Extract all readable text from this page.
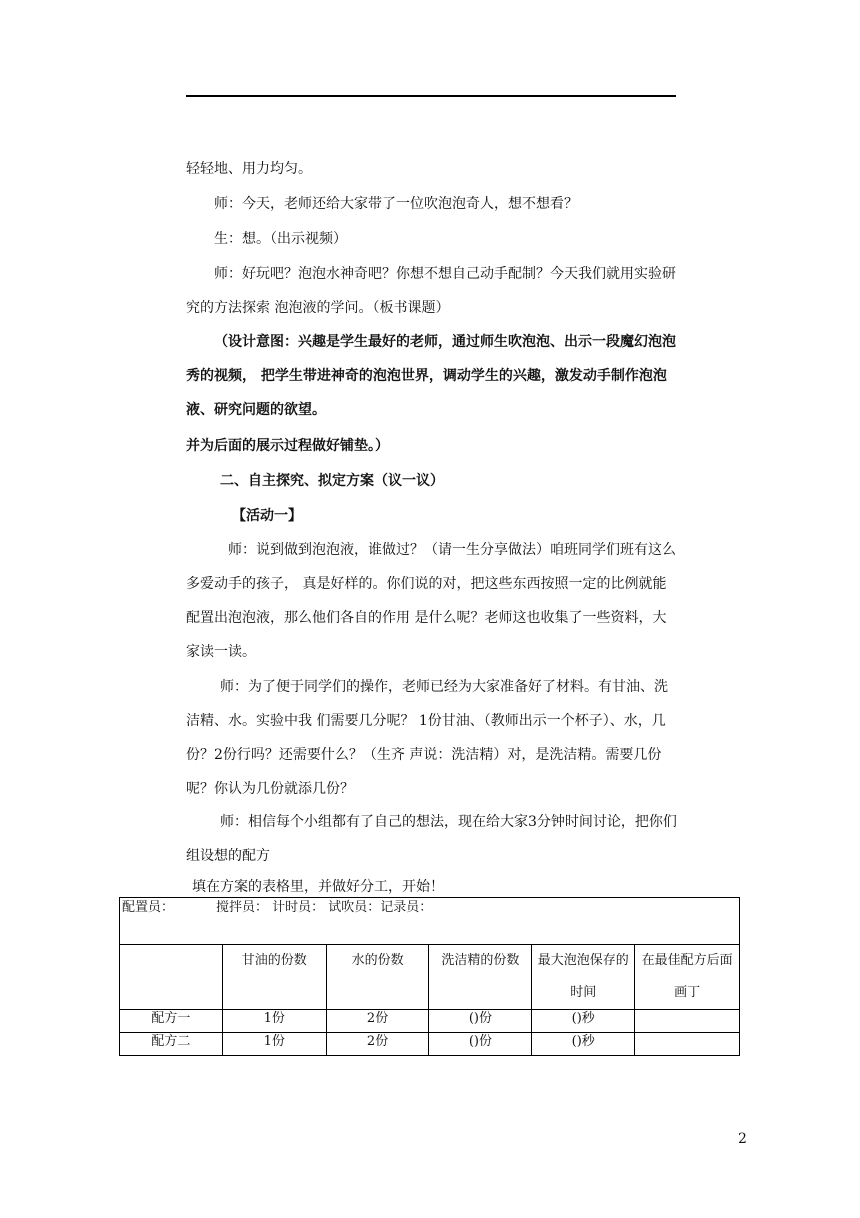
轻轻地、用力均匀。

师：今天，老师还给大家带了一位吹泡泡奇人，想不想看？

生：想。（出示视频）

师：好玩吧？泡泡水神奇吧？你想不想自己动手配制？今天我们就用实验研究的方法探索 泡泡液的学问。（板书课题）

（设计意图：兴趣是学生最好的老师，通过师生吹泡泡、出示一段魔幻泡泡秀的视频， 把学生带进神奇的泡泡世界，调动学生的兴趣，激发动手制作泡泡液、研究问题的欲望。

并为后面的展示过程做好铺垫。）

二、自主探究、拟定方案（议一议）

【活动一】

师：说到做到泡泡液，谁做过？（请一生分享做法）咱班同学们班有这么多爱动手的孩子， 真是好样的。你们说的对，把这些东西按照一定的比例就能配置出泡泡液，那么他们各自的作用 是什么呢？老师这也收集了一些资料，大家读一读。

师：为了便于同学们的操作，老师已经为大家准备好了材料。有甘油、洗洁精、水。实验中我 们需要几分呢？ 1份甘油、（教师出示一个杯子）、水，几份？2份行吗？还需要什么？（生齐 声说：洗洁精）对，是洗洁精。需要几份呢？你认为几份就添几份？

师：相信每个小组都有了自己的想法，现在给大家3分钟时间讨论，把你们组设想的配方

填在方案的表格里，并做好分工，开始！

配置员： 搅拌员： 计时员： 试吹员：记录员：					
	甘油的份数	水的份数	洗洁精的份数	最大泡泡保存的时间	在最佳配方后面画丁
配方一	1份	2份	()份	()秒	
配方二	1份	2份	()份	()秒	
2
